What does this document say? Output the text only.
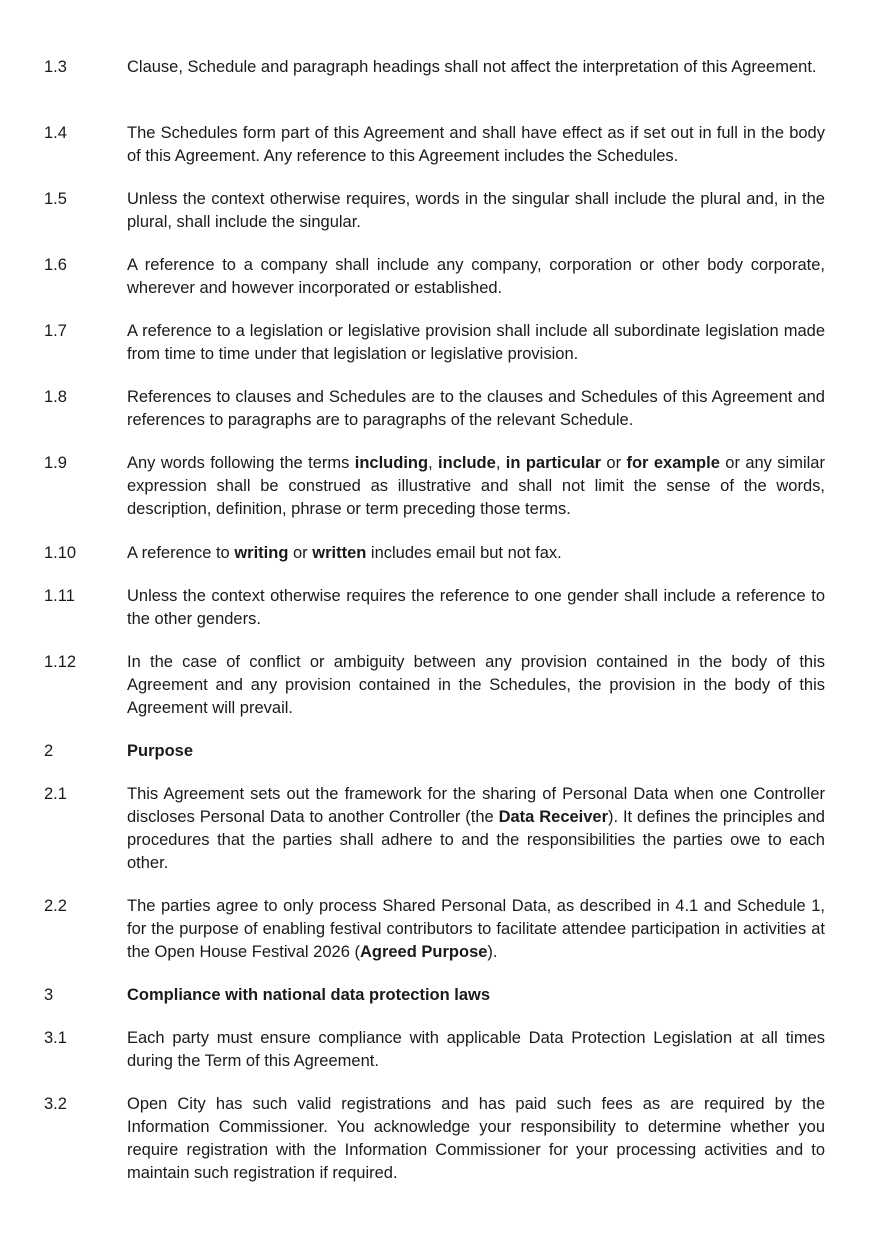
1.3	Clause, Schedule and paragraph headings shall not affect the interpretation of this Agreement.
1.4	The Schedules form part of this Agreement and shall have effect as if set out in full in the body of this Agreement. Any reference to this Agreement includes the Schedules.
1.5	Unless the context otherwise requires, words in the singular shall include the plural and, in the plural, shall include the singular.
1.6	A reference to a company shall include any company, corporation or other body corporate, wherever and however incorporated or established.
1.7	A reference to a legislation or legislative provision shall include all subordinate legislation made from time to time under that legislation or legislative provision.
1.8	References to clauses and Schedules are to the clauses and Schedules of this Agreement and references to paragraphs are to paragraphs of the relevant Schedule.
1.9	Any words following the terms including, include, in particular or for example or any similar expression shall be construed as illustrative and shall not limit the sense of the words, description, definition, phrase or term preceding those terms.
1.10	A reference to writing or written includes email but not fax.
1.11	Unless the context otherwise requires the reference to one gender shall include a reference to the other genders.
1.12	In the case of conflict or ambiguity between any provision contained in the body of this Agreement and any provision contained in the Schedules, the provision in the body of this Agreement will prevail.
2	Purpose
2.1	This Agreement sets out the framework for the sharing of Personal Data when one Controller discloses Personal Data to another Controller (the Data Receiver). It defines the principles and procedures that the parties shall adhere to and the responsibilities the parties owe to each other.
2.2	The parties agree to only process Shared Personal Data, as described in 4.1 and Schedule 1, for the purpose of enabling festival contributors to facilitate attendee participation in activities at the Open House Festival 2026 (Agreed Purpose).
3	Compliance with national data protection laws
3.1	Each party must ensure compliance with applicable Data Protection Legislation at all times during the Term of this Agreement.
3.2	Open City has such valid registrations and has paid such fees as are required by the Information Commissioner. You acknowledge your responsibility to determine whether you require registration with the Information Commissioner for your processing activities and to maintain such registration if required.
